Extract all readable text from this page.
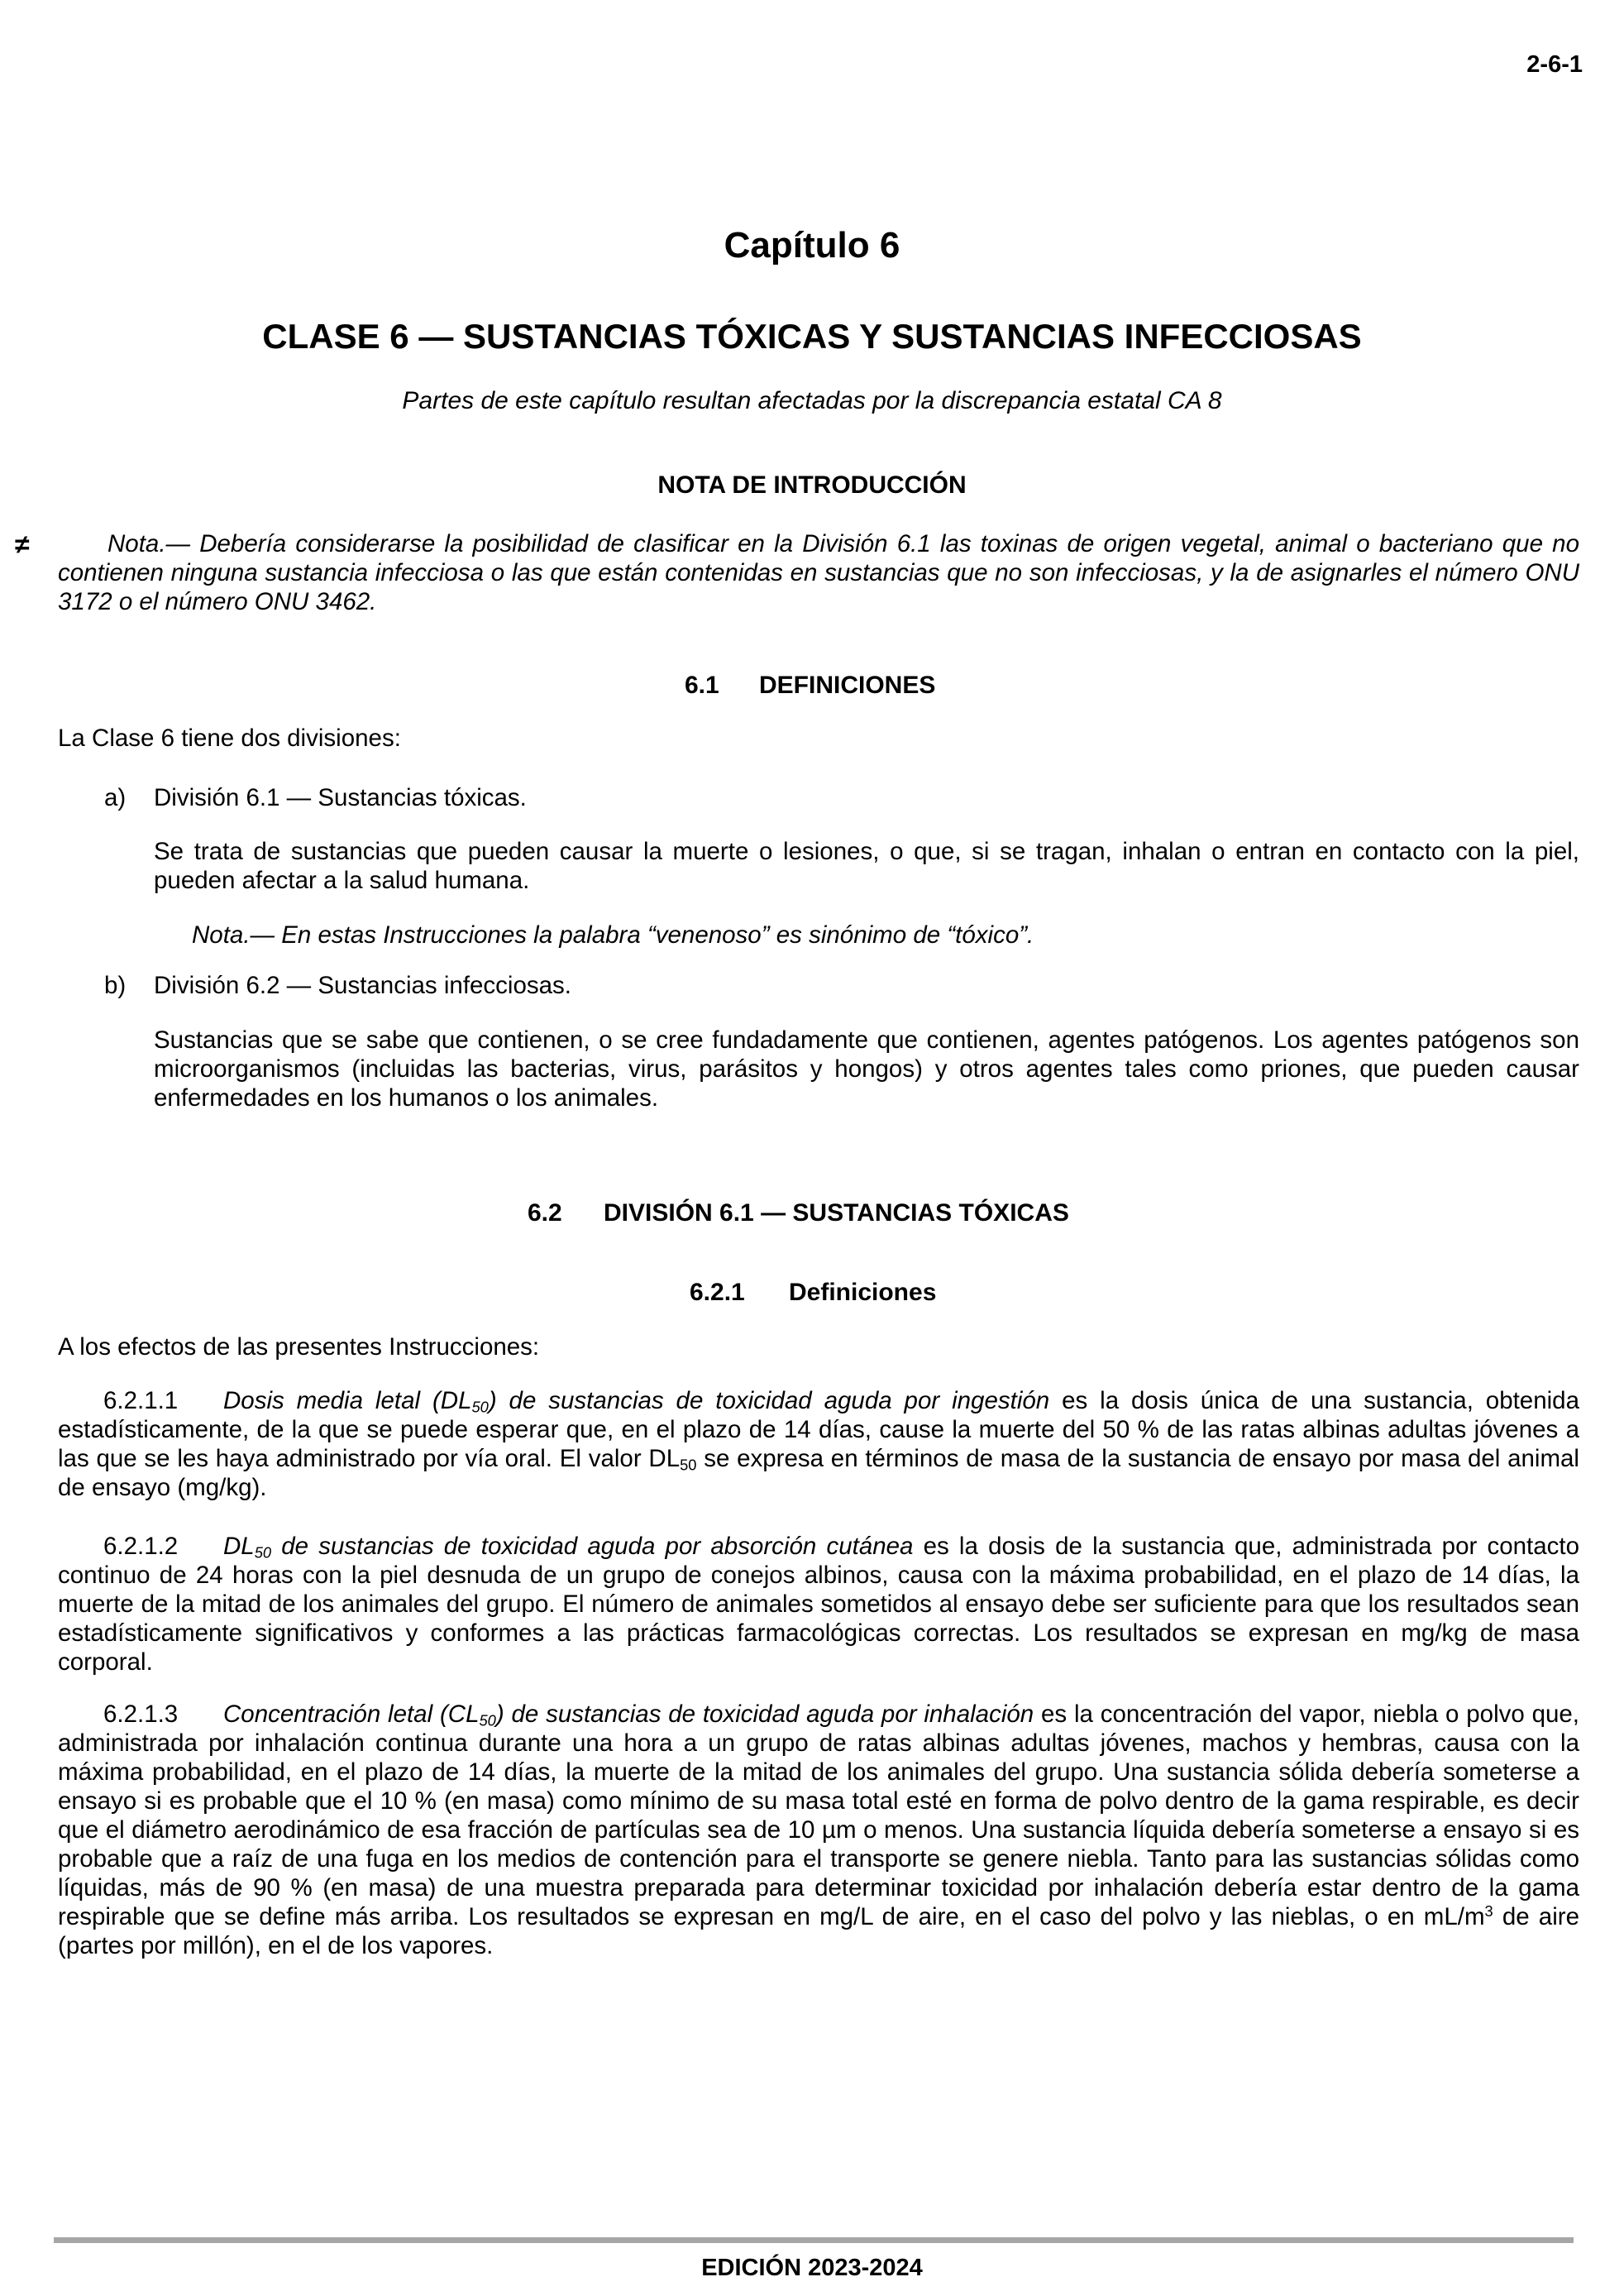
2-6-1
Capítulo 6
CLASE 6 — SUSTANCIAS TÓXICAS Y SUSTANCIAS INFECCIOSAS
Partes de este capítulo resultan afectadas por la discrepancia estatal CA 8
NOTA DE INTRODUCCIÓN
≠	Nota.— Debería considerarse la posibilidad de clasificar en la División 6.1 las toxinas de origen vegetal, animal o bacteriano que no contienen ninguna sustancia infecciosa o las que están contenidas en sustancias que no son infecciosas, y la de asignarles el número ONU 3172 o el número ONU 3462.
6.1 DEFINICIONES
La Clase 6 tiene dos divisiones:
a) División 6.1 — Sustancias tóxicas.
Se trata de sustancias que pueden causar la muerte o lesiones, o que, si se tragan, inhalan o entran en contacto con la piel, pueden afectar a la salud humana.
Nota.— En estas Instrucciones la palabra “venenoso” es sinónimo de “tóxico”.
b) División 6.2 — Sustancias infecciosas.
Sustancias que se sabe que contienen, o se cree fundadamente que contienen, agentes patógenos. Los agentes patógenos son microorganismos (incluidas las bacterias, virus, parásitos y hongos) y otros agentes tales como priones, que pueden causar enfermedades en los humanos o los animales.
6.2 DIVISIÓN 6.1 — SUSTANCIAS TÓXICAS
6.2.1 Definiciones
A los efectos de las presentes Instrucciones:
6.2.1.1 Dosis media letal $(DL_{50})$ de sustancias de toxicidad aguda por ingestión es la dosis única de una sustancia, obtenida estadísticamente, de la que se puede esperar que, en el plazo de 14 días, cause la muerte del 50 % de las ratas albinas adultas jóvenes a las que se les haya administrado por vía oral. El valor $DL_{50}$ se expresa en términos de masa de la sustancia de ensayo por masa del animal de ensayo (mg/kg).
6.2.1.2 $DL_{50}$ de sustancias de toxicidad aguda por absorción cutánea es la dosis de la sustancia que, administrada por contacto continuo de 24 horas con la piel desnuda de un grupo de conejos albinos, causa con la máxima probabilidad, en el plazo de 14 días, la muerte de la mitad de los animales del grupo. El número de animales sometidos al ensayo debe ser suficiente para que los resultados sean estadísticamente significativos y conformes a las prácticas farmacológicas correctas. Los resultados se expresan en mg/kg de masa corporal.
6.2.1.3 Concentración letal $(CL_{50})$ de sustancias de toxicidad aguda por inhalación es la concentración del vapor, niebla o polvo que, administrada por inhalación continua durante una hora a un grupo de ratas albinas adultas jóvenes, machos y hembras, causa con la máxima probabilidad, en el plazo de 14 días, la muerte de la mitad de los animales del grupo. Una sustancia sólida debería someterse a ensayo si es probable que el 10 % (en masa) como mínimo de su masa total esté en forma de polvo dentro de la gama respirable, es decir que el diámetro aerodinámico de esa fracción de partículas sea de 10 µm o menos. Una sustancia líquida debería someterse a ensayo si es probable que a raíz de una fuga en los medios de contención para el transporte se genere niebla. Tanto para las sustancias sólidas como líquidas, más de 90 % (en masa) de una muestra preparada para determinar toxicidad por inhalación debería estar dentro de la gama respirable que se define más arriba. Los resultados se expresan en mg/L de aire, en el caso del polvo y las nieblas, o en $mL/m^3$ de aire (partes por millón), en el de los vapores.
EDICIÓN 2023-2024
